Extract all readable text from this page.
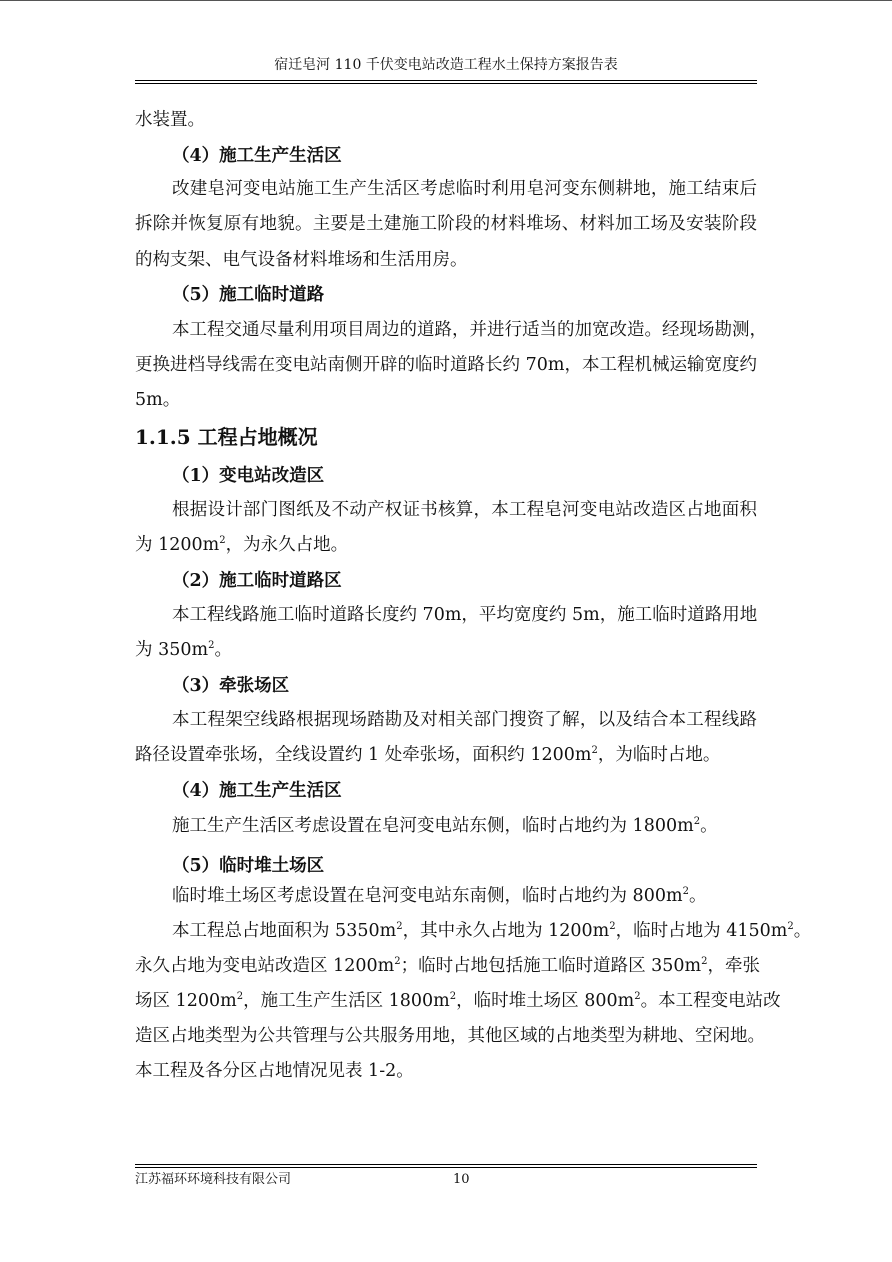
宿迁皂河 110 千伏变电站改造工程水土保持方案报告表
水装置。
（4）施工生产生活区
改建皂河变电站施工生产生活区考虑临时利用皂河变东侧耕地，施工结束后
拆除并恢复原有地貌。主要是土建施工阶段的材料堆场、材料加工场及安装阶段
的构支架、电气设备材料堆场和生活用房。
（5）施工临时道路
本工程交通尽量利用项目周边的道路，并进行适当的加宽改造。经现场勘测，
更换进档导线需在变电站南侧开辟的临时道路长约 70m，本工程机械运输宽度约
5m。
1.1.5 工程占地概况
（1）变电站改造区
根据设计部门图纸及不动产权证书核算，本工程皂河变电站改造区占地面积
为 $1200m^2$，为永久占地。
（2）施工临时道路区
本工程线路施工临时道路长度约 70m，平均宽度约 5m，施工临时道路用地
为 $350m^2$。
（3）牵张场区
本工程架空线路根据现场踏勘及对相关部门搜资了解，以及结合本工程线路
路径设置牵张场，全线设置约 1 处牵张场，面积约 $1200m^2$，为临时占地。
（4）施工生产生活区
施工生产生活区考虑设置在皂河变电站东侧，临时占地约为 $1800m^2$。
（5）临时堆土场区
临时堆土场区考虑设置在皂河变电站东南侧，临时占地约为 $800m^2$。
本工程总占地面积为 $5350m^2$，其中永久占地为 $1200m^2$，临时占地为 $4150m^2$。
永久占地为变电站改造区 $1200m^2$；临时占地包括施工临时道路区 $350m^2$，牵张
场区 $1200m^2$，施工生产生活区 $1800m^2$，临时堆土场区 $800m^2$。本工程变电站改
造区占地类型为公共管理与公共服务用地，其他区域的占地类型为耕地、空闲地。
本工程及各分区占地情况见表 1-2。
江苏福环环境科技有限公司	10
